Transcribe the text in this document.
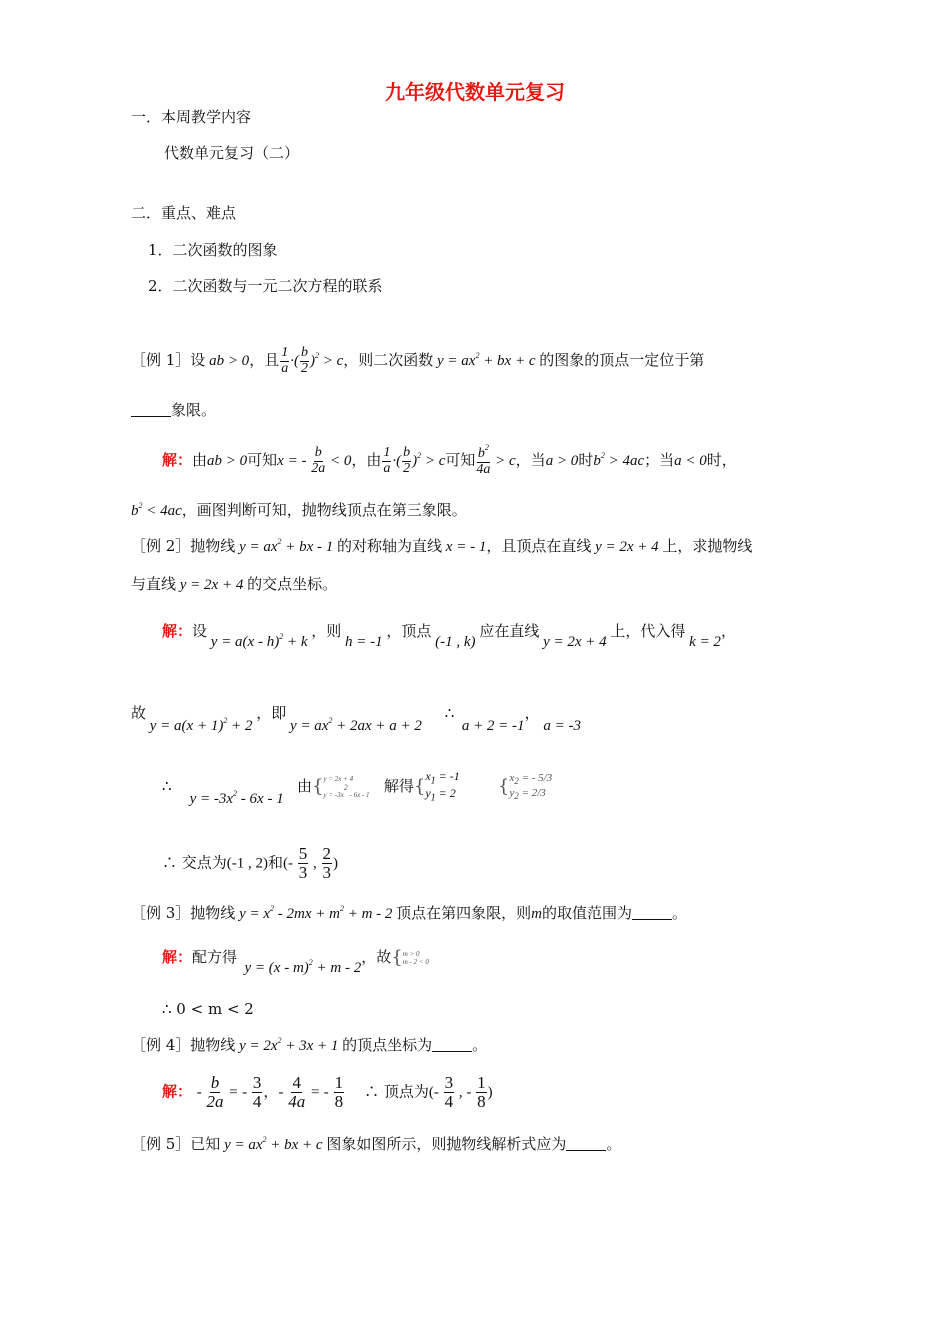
九年级代数单元复习
一．本周教学内容
代数单元复习（二）
二．重点、难点
1．二次函数的图象
2．二次函数与一元二次方程的联系
［例 1］设 ab > 0，且 $\frac{1}{a}$ ·( $\frac{b}{2} )^2 > c$，则二次函数 $y = ax^2$ + bx + c 的图象的顶点一定位于第
象限。
解：由ab > 0可知x = - $\frac{b}{2a} < 0$，由 $\frac{1}{a}$ ·( $\frac{b}{2} )^2 > c$可知 $\frac{b^2}{4a} > c$，当a > 0时$b^2 > 4ac$；当a < 0时，
$b^2 < 4ac$，画图判断可知，抛物线顶点在第三象限。
［例 2］抛物线 $y = ax^2$ + bx - 1 的对称轴为直线 x = - 1，且顶点在直线 y = 2x + 4 上，求抛物线
与直线 y = 2x + 4 的交点坐标。
解：设 y = a(x - h)$^2$ + k ，则 h = -1 ，顶点 (-1 , k) 应在直线 y = 2x + 4 上，代入得 k = 2，
故 $y = a(x + 1)^2 + 2$ ，即 $y = ax^2 + 2ax + a + 2$     ∴  a + 2 = -1， a = -3
∴    $y = -3x^2 - 6x - 1$   由{y = 2x + 4
y = -3x2 - 6x - 1 解得{$x_1 = -1$
$y_1 = 2$ {$x_2$ = - 5/3
$y_2 = 2/3$
∴ 交点为(-1 , 2)和(- $\frac{5}{3}$ , $\frac{2}{3}$ )
［例 3］抛物线 $y = x^2 - 2mx + m^2 + m - 2$ 顶点在第四象限，则m的取值范围为	。
解：配方得  y = (x - m)$^2$ + m - 2，故{m > 0
m - 2 < 0
∴ 0 < m < 2
［例 4］抛物线 $y = 2x^2 + 3x + 1$ 的顶点坐标为	。
解： - $\frac{b}{2a}$ = - $\frac{3}{4}$ ，- $\frac{4}{4a}$ = - $\frac{1}{8}$ ∴ 顶点为(- $\frac{3}{4}$ , - $\frac{1}{8}$ )
［例 5］已知 $y = ax^2$ + bx + c 图象如图所示，则抛物线解析式应为	。
